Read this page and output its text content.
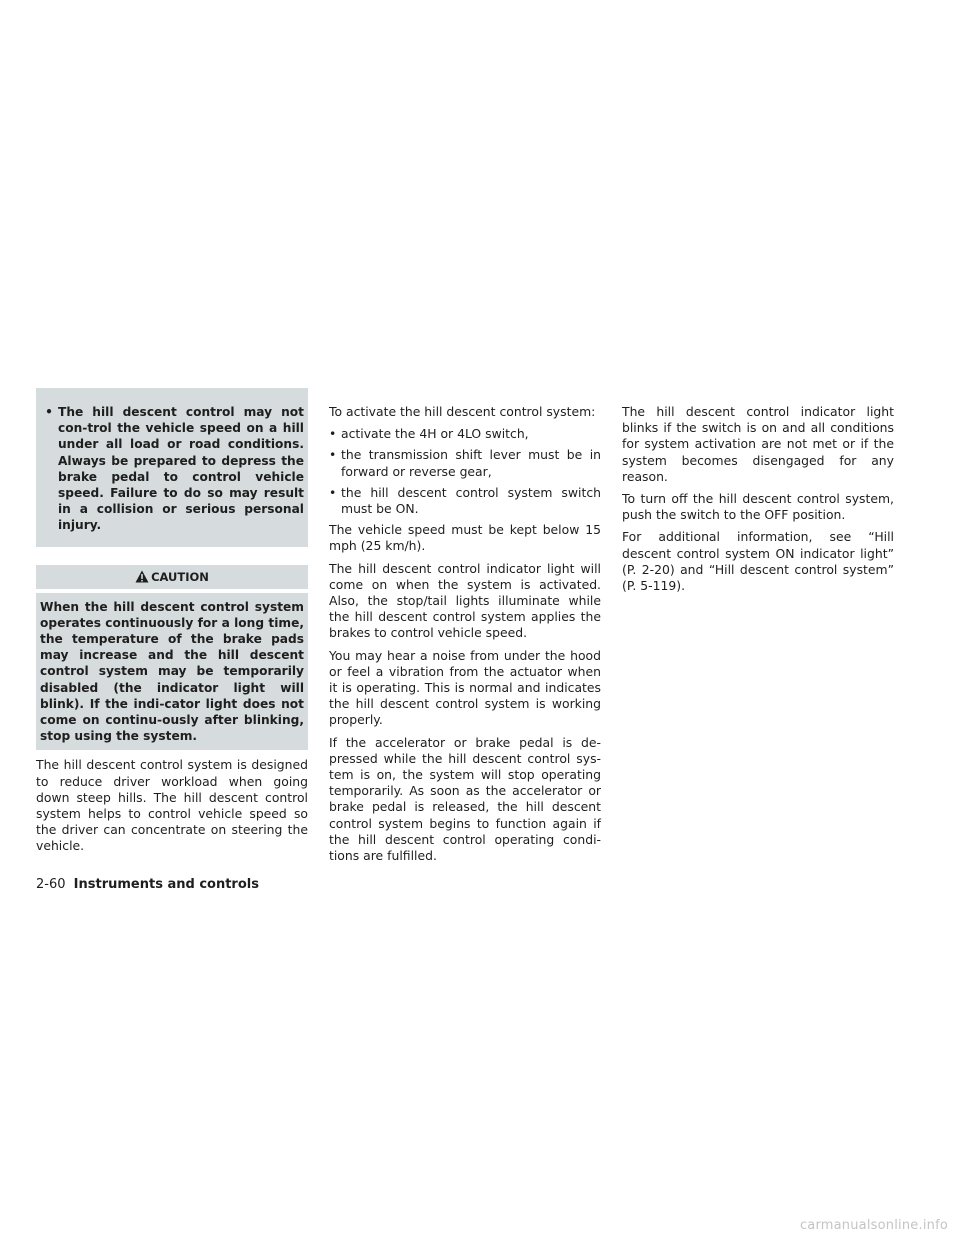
• The hill descent control may not con-trol the vehicle speed on a hill under all load or road conditions. Always be prepared to depress the brake pedal to control vehicle speed. Failure to do so may result in a collision or serious personal injury.
CAUTION
When the hill descent control system operates continuously for a long time, the temperature of the brake pads may increase and the hill descent control system may be temporarily disabled (the indicator light will blink). If the indi-cator light does not come on continu-ously after blinking, stop using the system.

The hill descent control system is designed to reduce driver workload when going down steep hills. The hill descent control system helps to control vehicle speed so the driver can concentrate on steering the vehicle.

To activate the hill descent control system:

• activate the 4H or 4LO switch,
• the transmission shift lever must be in forward or reverse gear,
• the hill descent control system switch must be ON.

The vehicle speed must be kept below 15 mph (25 km/h).

The hill descent control indicator light will come on when the system is activated. Also, the stop/tail lights illuminate while the hill descent control system applies the brakes to control vehicle speed.

You may hear a noise from under the hood or feel a vibration from the actuator when it is operating. This is normal and indicates the hill descent control system is working properly.

If the accelerator or brake pedal is de-pressed while the hill descent control sys-tem is on, the system will stop operating temporarily. As soon as the accelerator or brake pedal is released, the hill descent control system begins to function again if the hill descent control operating condi-tions are fulfilled.

The hill descent control indicator light blinks if the switch is on and all conditions for system activation are not met or if the system becomes disengaged for any reason.

To turn off the hill descent control system, push the switch to the OFF position.

For additional information, see “Hill descent control system ON indicator light” (P. 2-20) and “Hill descent control system” (P. 5-119).

2-60 Instruments and controls
carmanualsonline.info
